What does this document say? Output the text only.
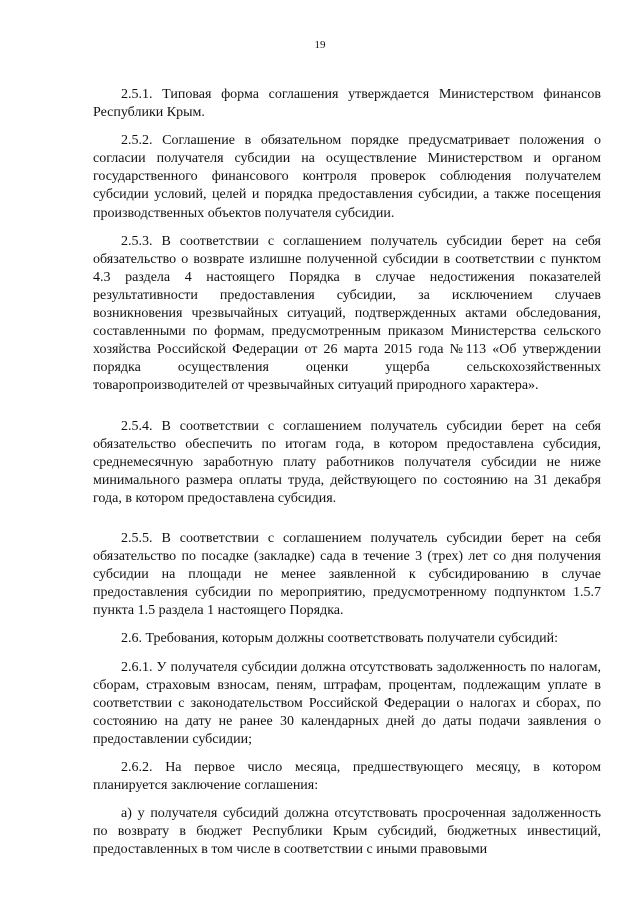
19

2.5.1. Типовая форма соглашения утверждается Министерством финансов Республики Крым.

2.5.2. Соглашение в обязательном порядке предусматривает положения о согласии получателя субсидии на осуществление Министерством и органом государственного финансового контроля проверок соблюдения получателем субсидии условий, целей и порядка предоставления субсидии, а также посещения производственных объектов получателя субсидии.

2.5.3. В соответствии с соглашением получатель субсидии берет на себя обязательство о возврате излишне полученной субсидии в соответствии с пунктом 4.3 раздела 4 настоящего Порядка в случае недостижения показателей результативности предоставления субсидии, за исключением случаев возникновения чрезвычайных ситуаций, подтвержденных актами обследования, составленными по формам, предусмотренным приказом Министерства сельского хозяйства Российской Федерации от 26 марта 2015 года №113 «Об утверждении порядка осуществления оценки ущерба сельскохозяйственных товаропроизводителей от чрезвычайных ситуаций природного характера».

2.5.4. В соответствии с соглашением получатель субсидии берет на себя обязательство обеспечить по итогам года, в котором предоставлена субсидия, среднемесячную заработную плату работников получателя субсидии не ниже минимального размера оплаты труда, действующего по состоянию на 31 декабря года, в котором предоставлена субсидия.

2.5.5. В соответствии с соглашением получатель субсидии берет на себя обязательство по посадке (закладке) сада в течение 3 (трех) лет со дня получения субсидии на площади не менее заявленной к субсидированию в случае предоставления субсидии по мероприятию, предусмотренному подпунктом 1.5.7 пункта 1.5 раздела 1 настоящего Порядка.

2.6. Требования, которым должны соответствовать получатели субсидий:

2.6.1. У получателя субсидии должна отсутствовать задолженность по налогам, сборам, страховым взносам, пеням, штрафам, процентам, подлежащим уплате в соответствии с законодательством Российской Федерации о налогах и сборах, по состоянию на дату не ранее 30 календарных дней до даты подачи заявления о предоставлении субсидии;

2.6.2. На первое число месяца, предшествующего месяцу, в котором планируется заключение соглашения:

а) у получателя субсидий должна отсутствовать просроченная задолженность по возврату в бюджет Республики Крым субсидий, бюджетных инвестиций, предоставленных в том числе в соответствии с иными правовыми
